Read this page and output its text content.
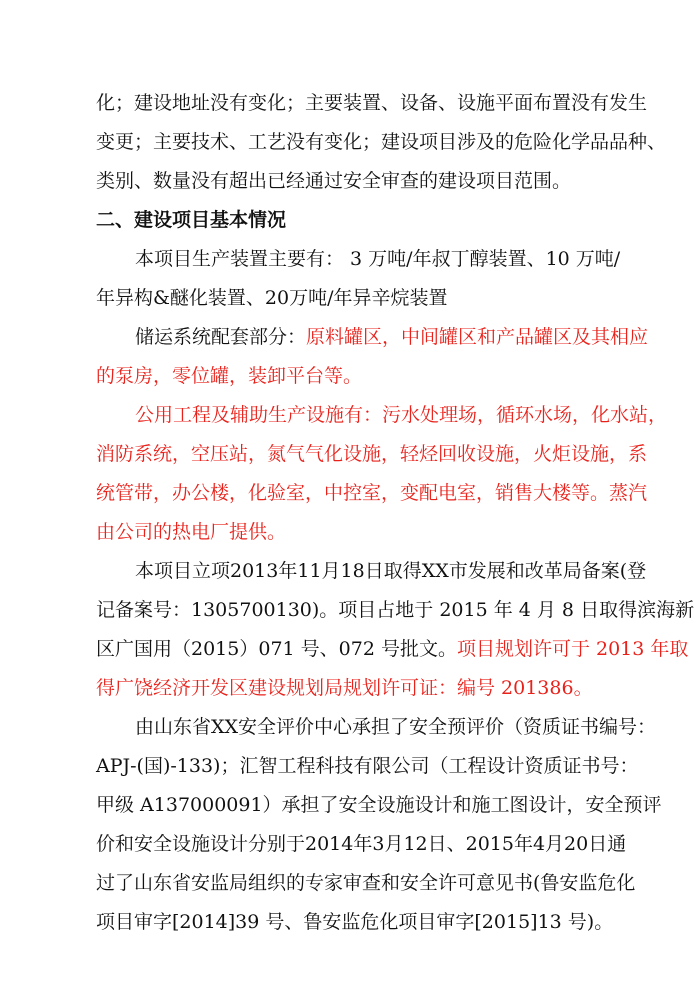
化；建设地址没有变化；主要装置、设备、设施平面布置没有发生
变更；主要技术、工艺没有变化；建设项目涉及的危险化学品品种、
类别、数量没有超出已经通过安全审查的建设项目范围。
二、建设项目基本情况
本项目生产装置主要有： 3 万吨/年叔丁醇装置、10 万吨/
年异构&醚化装置、20万吨/年异辛烷装置
储运系统配套部分：原料罐区，中间罐区和产品罐区及其相应
的泵房，零位罐，装卸平台等。
公用工程及辅助生产设施有：污水处理场，循环水场，化水站，
消防系统，空压站，氮气气化设施，轻烃回收设施，火炬设施，系
统管带，办公楼，化验室，中控室，变配电室，销售大楼等。蒸汽
由公司的热电厂提供。
本项目立项2013年11月18日取得XX市发展和改革局备案(登
记备案号：1305700130)。项目占地于 2015 年 4 月 8 日取得滨海新
区广国用（2015）071 号、072 号批文。项目规划许可于 2013 年取
得广饶经济开发区建设规划局规划许可证：编号 201386。
由山东省XX安全评价中心承担了安全预评价（资质证书编号：
APJ-(国)-133)；汇智工程科技有限公司（工程设计资质证书号：
甲级 A137000091）承担了安全设施设计和施工图设计，安全预评
价和安全设施设计分别于2014年3月12日、2015年4月20日通
过了山东省安监局组织的专家审查和安全许可意见书(鲁安监危化
项目审字[2014]39 号、鲁安监危化项目审字[2015]13 号)。
